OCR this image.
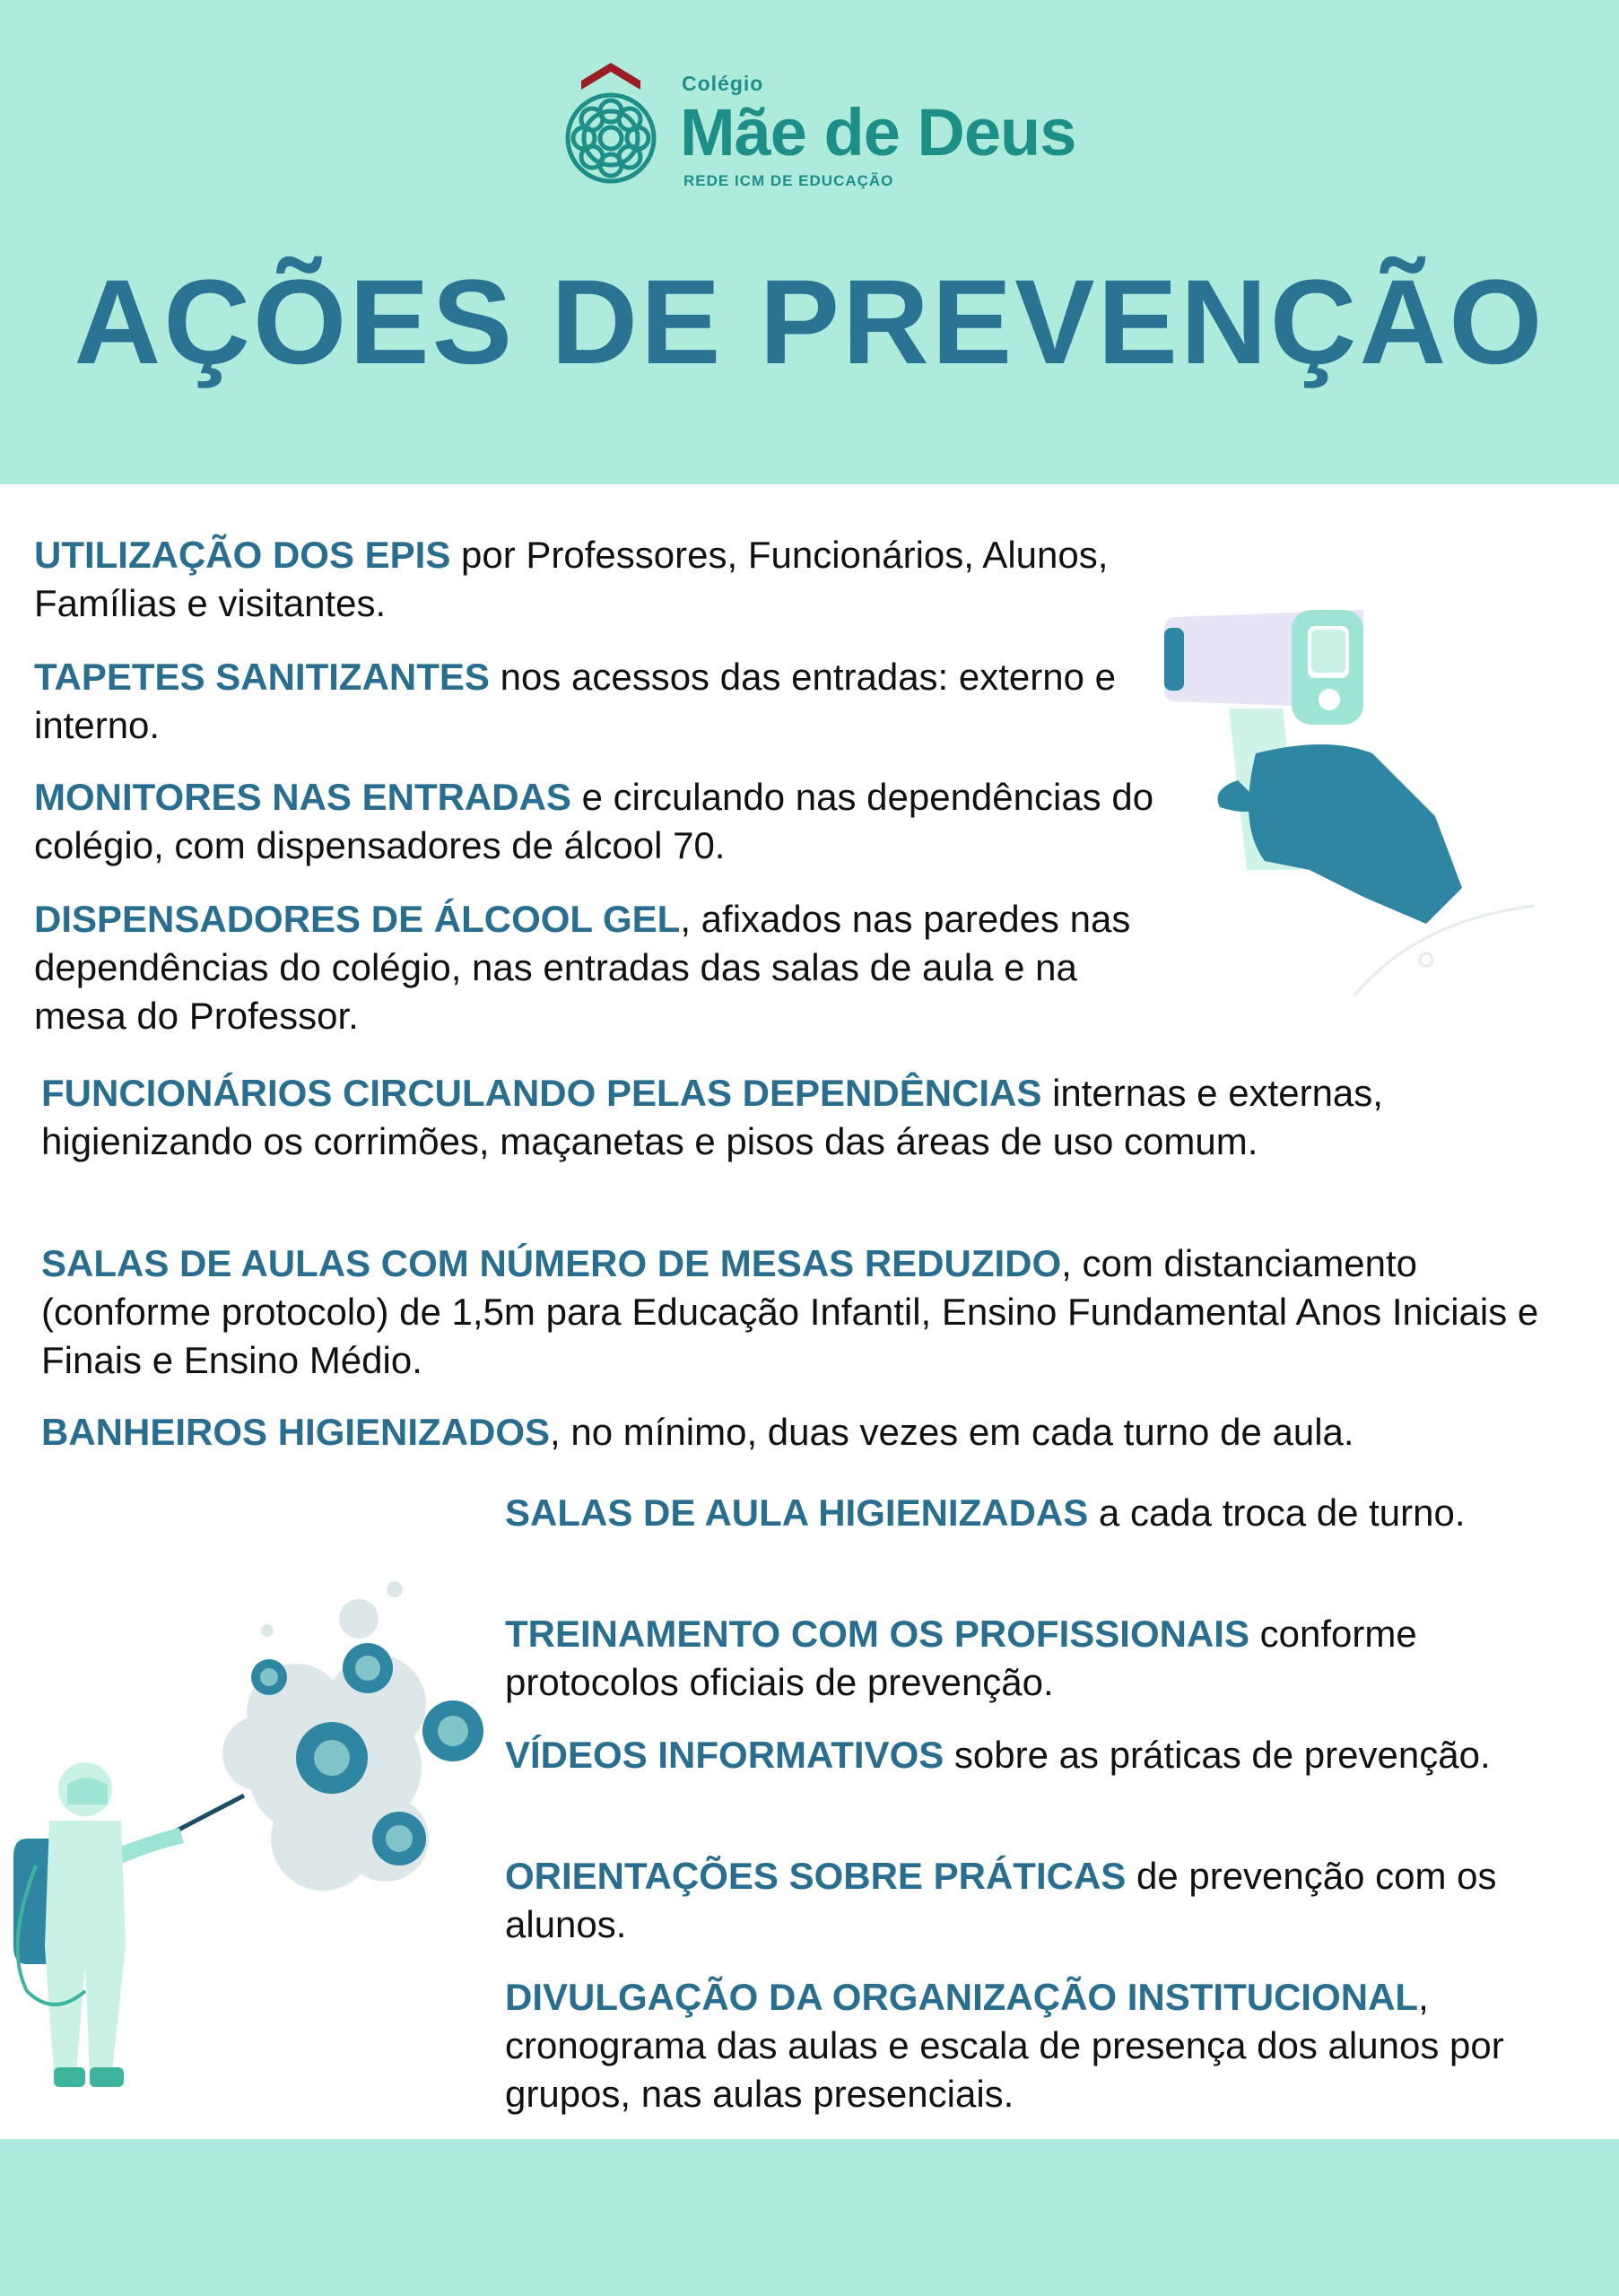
Colégio
Mãe de Deus
REDE ICM DE EDUCAÇÃO
AÇÕES DE PREVENÇÃO

UTILIZAÇÃO DOS EPIS por Professores, Funcionários, Alunos, Famílias e visitantes.

TAPETES SANITIZANTES nos acessos das entradas: externo e interno.

MONITORES NAS ENTRADAS e circulando nas dependências do colégio, com dispensadores de álcool 70.

DISPENSADORES DE ÁLCOOL GEL, afixados nas paredes nas dependências do colégio, nas entradas das salas de aula e na mesa do Professor.

FUNCIONÁRIOS CIRCULANDO PELAS DEPENDÊNCIAS internas e externas, higienizando os corrimões, maçanetas e pisos das áreas de uso comum.

SALAS DE AULAS COM NÚMERO DE MESAS REDUZIDO, com distanciamento (conforme protocolo) de 1,5m para Educação Infantil, Ensino Fundamental Anos Iniciais e Finais e Ensino Médio.

BANHEIROS HIGIENIZADOS, no mínimo, duas vezes em cada turno de aula.

SALAS DE AULA HIGIENIZADAS a cada troca de turno.

TREINAMENTO COM OS PROFISSIONAIS conforme protocolos oficiais de prevenção.

VÍDEOS INFORMATIVOS sobre as práticas de prevenção.

ORIENTAÇÕES SOBRE PRÁTICAS de prevenção com os alunos.

DIVULGAÇÃO DA ORGANIZAÇÃO INSTITUCIONAL, cronograma das aulas e escala de presença dos alunos por grupos, nas aulas presenciais.
